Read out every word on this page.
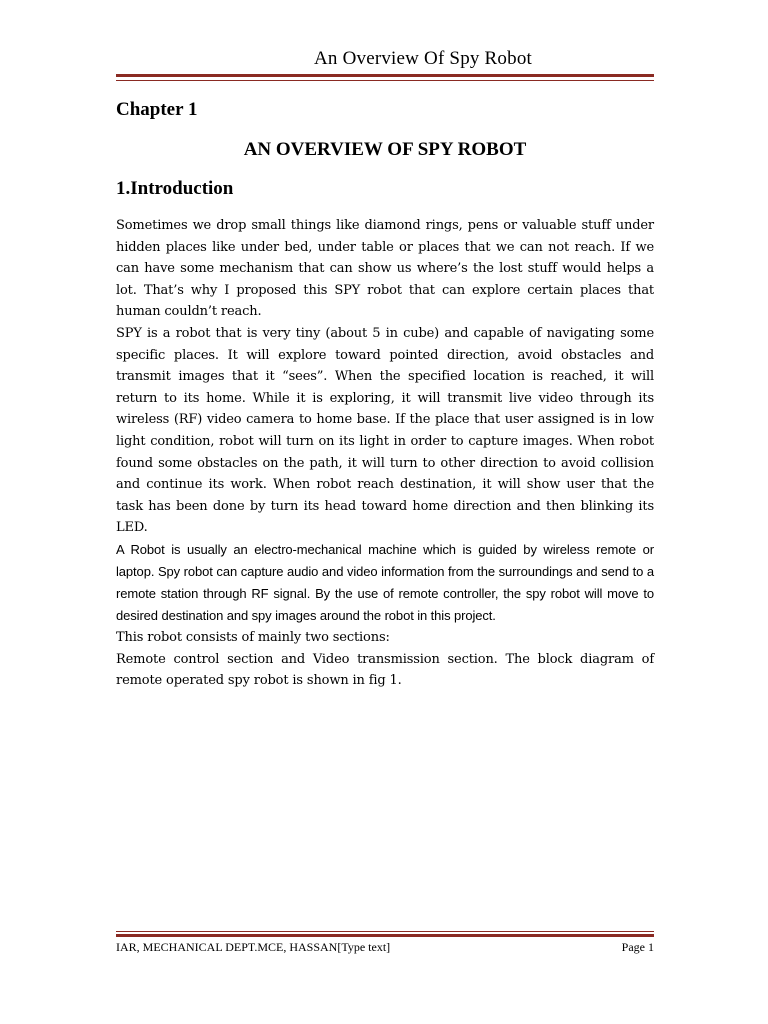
An Overview Of Spy Robot
Chapter 1
AN OVERVIEW OF SPY ROBOT
1.Introduction

Sometimes we drop small things like diamond rings, pens or valuable stuff under hidden places like under bed, under table or places that we can not reach. If we can have some mechanism that can show us where’s the lost stuff would helps a lot. That’s why I proposed this SPY robot that can explore certain places that human couldn’t reach.

SPY is a robot that is very tiny (about 5 in cube) and capable of navigating some specific places. It will explore toward pointed direction, avoid obstacles and transmit images that it “sees”. When the specified location is reached, it will return to its home. While it is exploring, it will transmit live video through its wireless (RF) video camera to home base. If the place that user assigned is in low light condition, robot will turn on its light in order to capture images. When robot found some obstacles on the path, it will turn to other direction to avoid collision and continue its work. When robot reach destination, it will show user that the task has been done by turn its head toward home direction and then blinking its LED.

A Robot is usually an electro-mechanical machine which is guided by wireless remote or laptop. Spy robot can capture audio and video information from the surroundings and send to a remote station through RF signal. By the use of remote controller, the spy robot will move to desired destination and spy images around the robot in this project.

This robot consists of mainly two sections:

Remote control section and Video transmission section. The block diagram of remote operated spy robot is shown in fig 1.

IAR, MECHANICAL DEPT.MCE, HASSAN[Type text]	Page 1
